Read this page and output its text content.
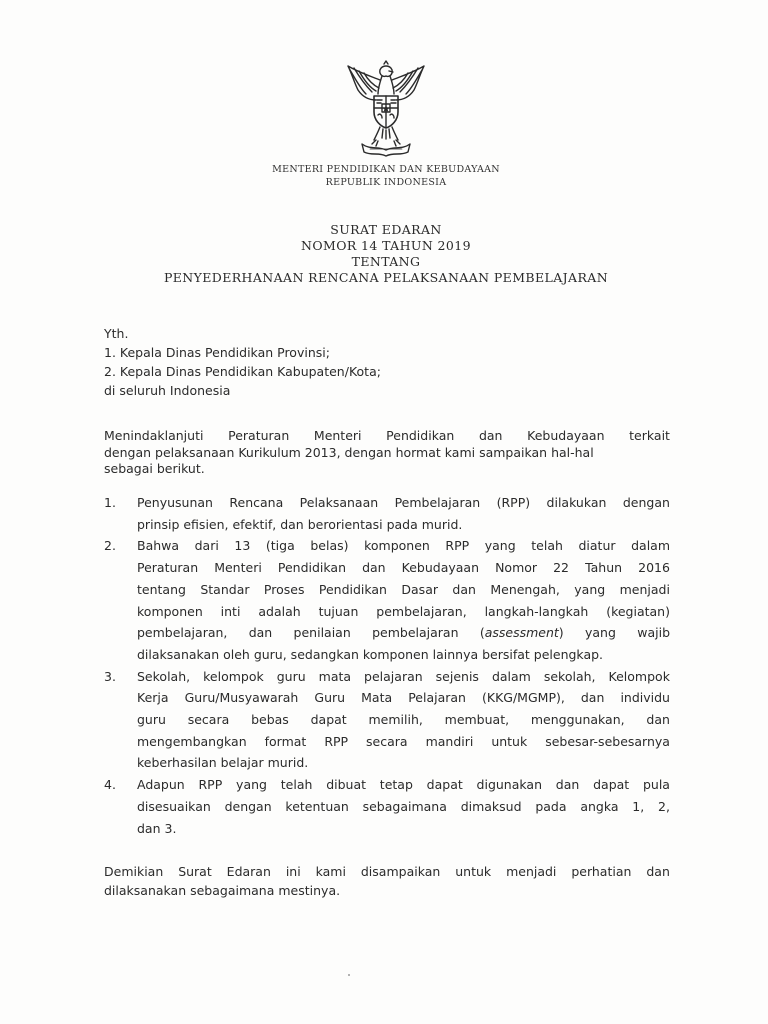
MENTERI PENDIDIKAN DAN KEBUDAYAAN
REPUBLIK INDONESIA
SURAT EDARAN
NOMOR 14 TAHUN 2019
TENTANG
PENYEDERHANAAN RENCANA PELAKSANAAN PEMBELAJARAN
Yth.
1. Kepala Dinas Pendidikan Provinsi;
2. Kepala Dinas Pendidikan Kabupaten/Kota;
di seluruh Indonesia
Menindaklanjuti Peraturan Menteri Pendidikan dan Kebudayaan terkait
dengan pelaksanaan Kurikulum 2013, dengan hormat kami sampaikan hal-hal
sebagai berikut.
1. Penyusunan Rencana Pelaksanaan Pembelajaran (RPP) dilakukan dengan
prinsip efisien, efektif, dan berorientasi pada murid.
2. Bahwa dari 13 (tiga belas) komponen RPP yang telah diatur dalam
Peraturan Menteri Pendidikan dan Kebudayaan Nomor 22 Tahun 2016
tentang Standar Proses Pendidikan Dasar dan Menengah, yang menjadi
komponen inti adalah tujuan pembelajaran, langkah-langkah (kegiatan)
pembelajaran, dan penilaian pembelajaran (assessment) yang wajib
dilaksanakan oleh guru, sedangkan komponen lainnya bersifat pelengkap.
3. Sekolah, kelompok guru mata pelajaran sejenis dalam sekolah, Kelompok
Kerja Guru/Musyawarah Guru Mata Pelajaran (KKG/MGMP), dan individu
guru secara bebas dapat memilih, membuat, menggunakan, dan
mengembangkan format RPP secara mandiri untuk sebesar-sebesarnya
keberhasilan belajar murid.
4. Adapun RPP yang telah dibuat tetap dapat digunakan dan dapat pula
disesuaikan dengan ketentuan sebagaimana dimaksud pada angka 1, 2,
dan 3.
Demikian Surat Edaran ini kami disampaikan untuk menjadi perhatian dan
dilaksanakan sebagaimana mestinya.
